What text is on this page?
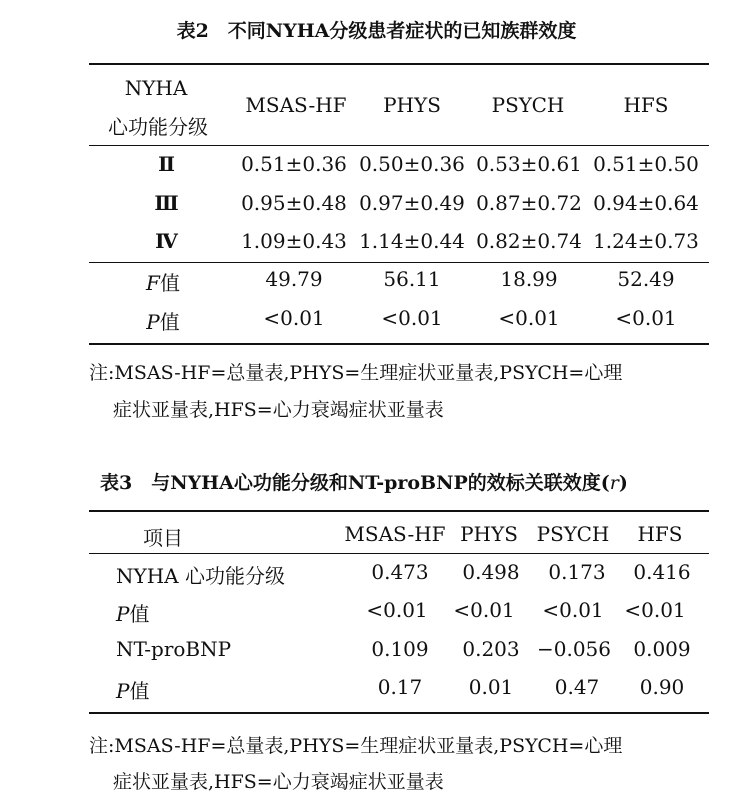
表2　不同NYHA分级患者症状的已知族群效度
NYHA
心功能分级
MSAS-HF PHYS	PSYCH	HFS
Ⅱ	0.51±0.36 0.50±0.36 0.53±0.61 0.51±0.50
Ⅲ	0.95±0.48 0.97±0.49 0.87±0.72 0.94±0.64
Ⅳ	1.09±0.43 1.14±0.44 0.82±0.74 1.24±0.73
F值	49.79	56.11	18.99	52.49
P值	<0.01	<0.01	<0.01	<0.01
注:MSAS-HF=总量表,PHYS=生理症状亚量表,PSYCH=心理
症状亚量表,HFS=心力衰竭症状亚量表
表3　与NYHA心功能分级和NT-proBNP的效标关联效度(r)
项目	MSAS-HF PHYS PSYCH HFS
NYHA 心功能分级	0.473 0.498 0.173 0.416
P值	<0.01 <0.01 <0.01 <0.01
NT-proBNP	0.109 0.203 −0.056 0.009
P值	0.17 0.01 0.47 0.90
注:MSAS-HF=总量表,PHYS=生理症状亚量表,PSYCH=心理
症状亚量表,HFS=心力衰竭症状亚量表
